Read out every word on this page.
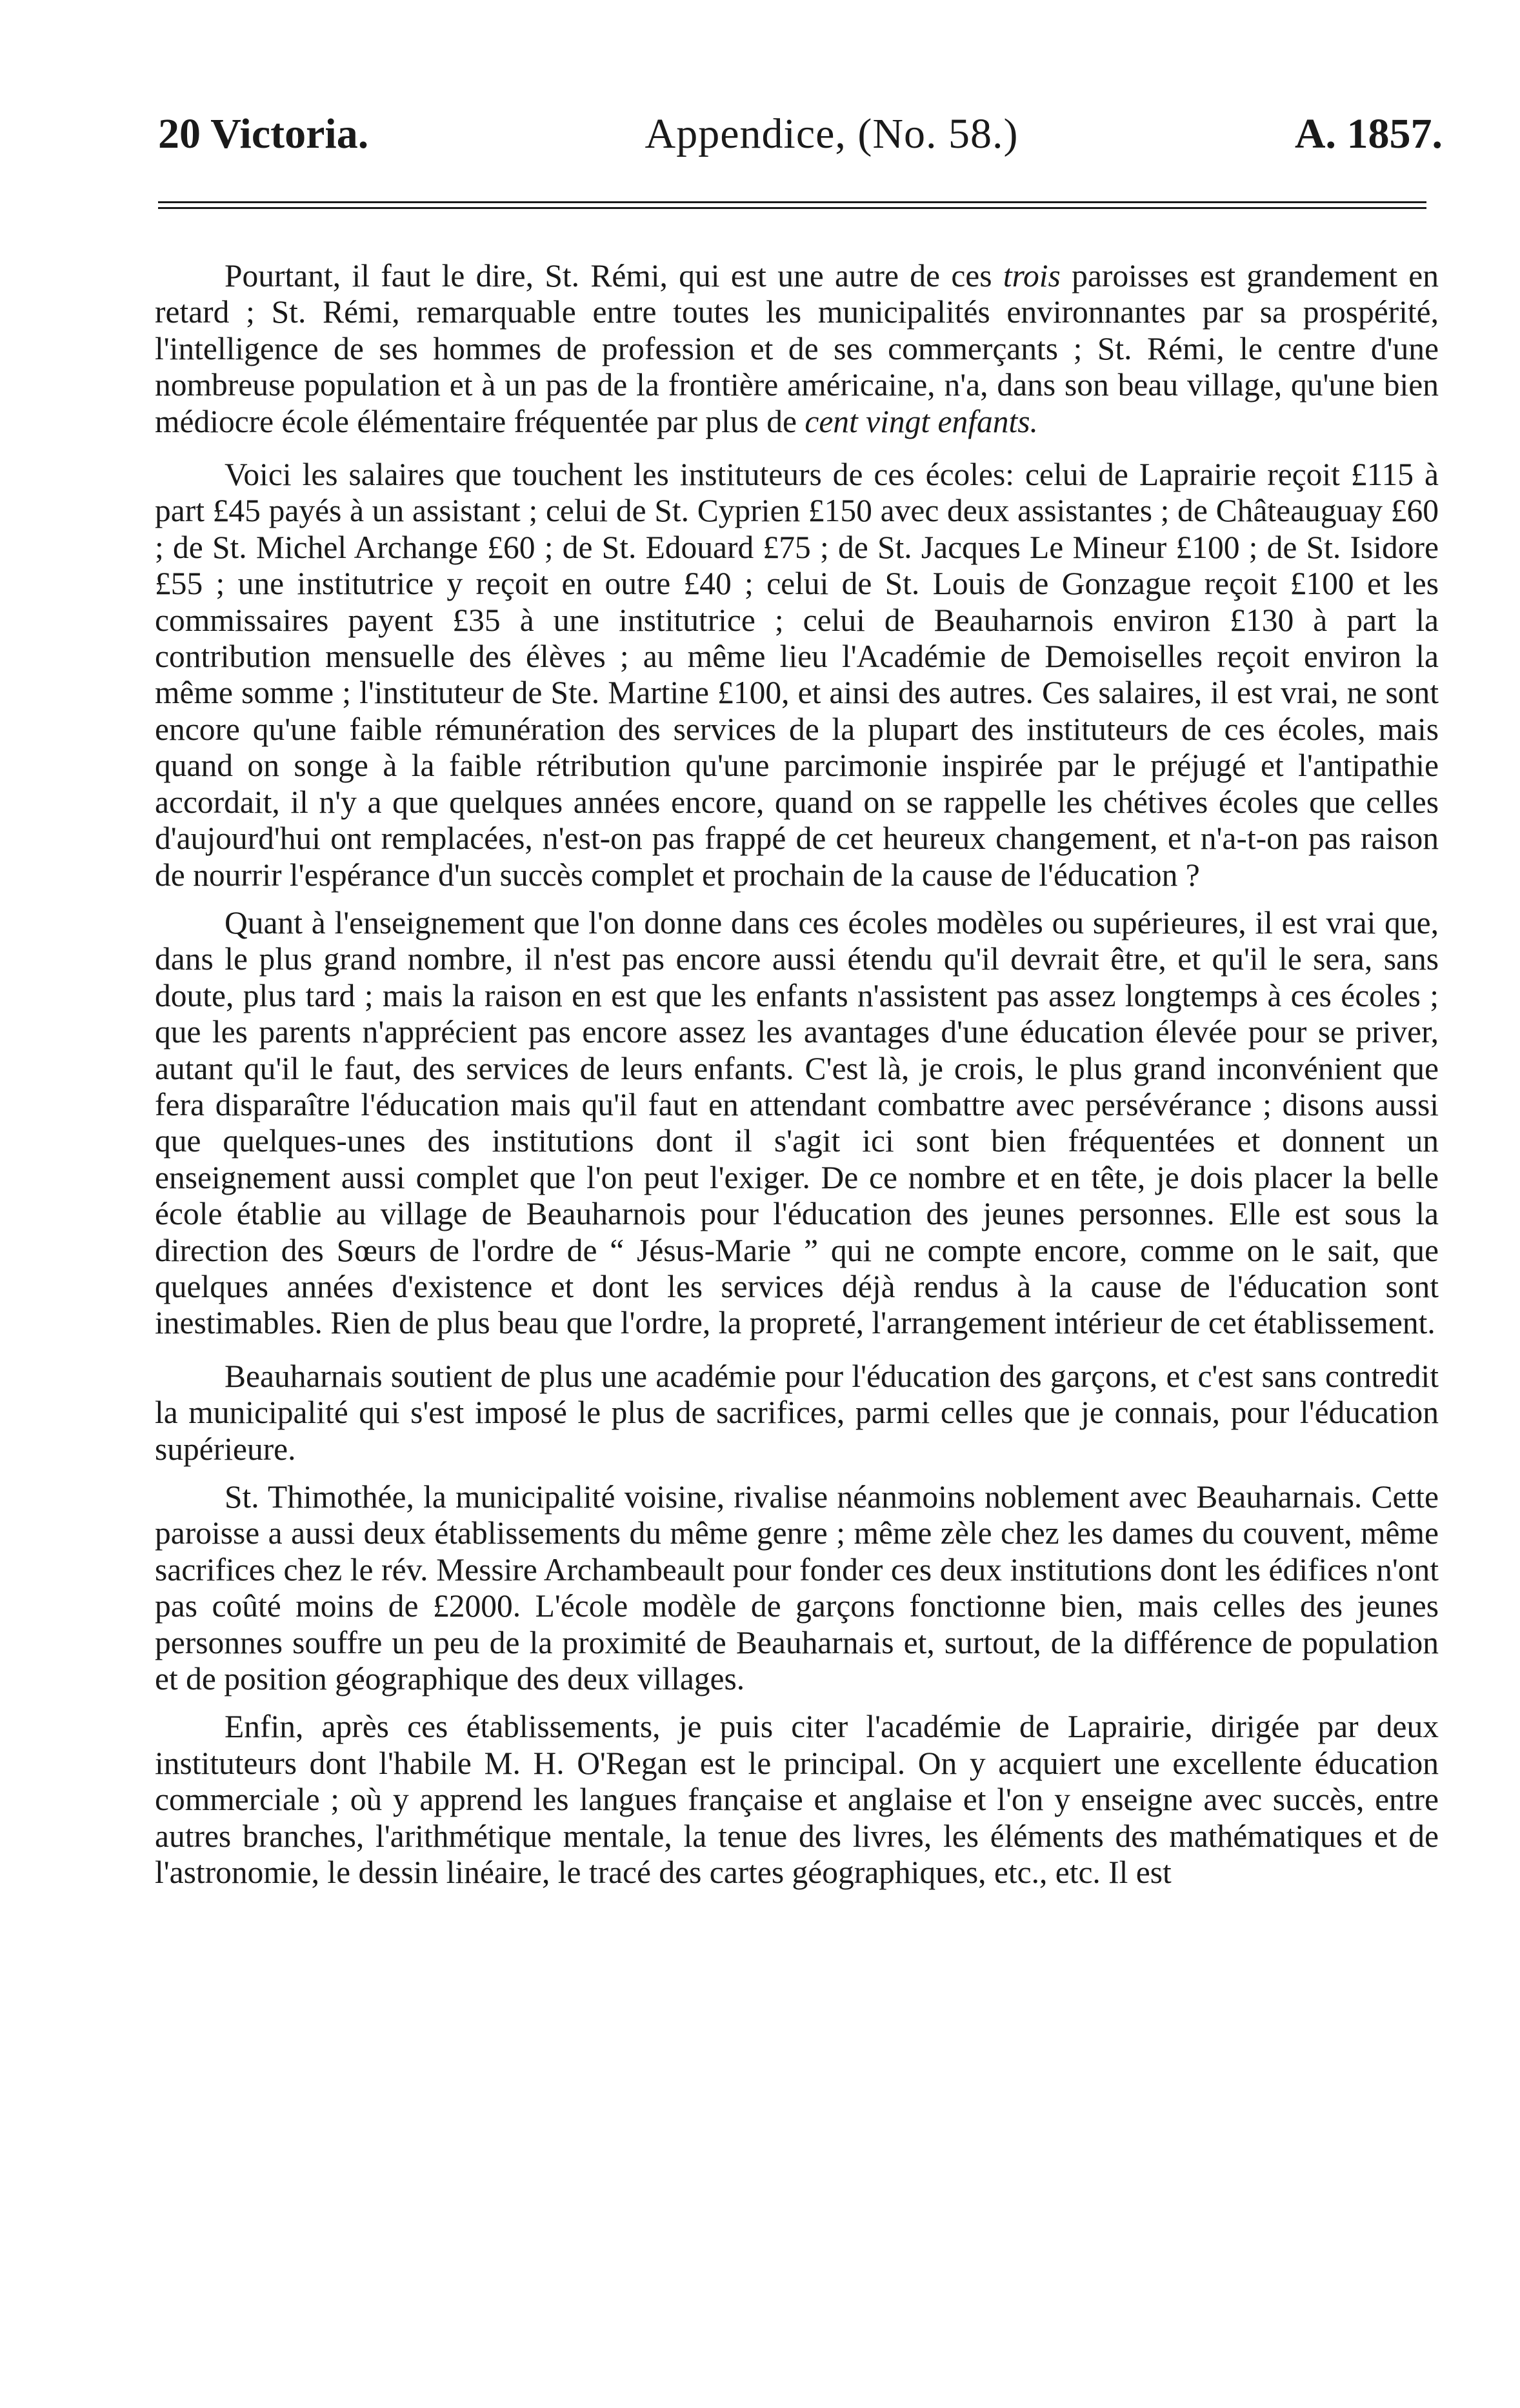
20 Victoria.	Appendice, (No. 58.)	A. 1857.

Pourtant, il faut le dire, St. Rémi, qui est une autre de ces trois paroisses est grandement en retard ; St. Rémi, remarquable entre toutes les municipalités environnantes par sa prospérité, l'intelligence de ses hommes de profession et de ses commerçants ; St. Rémi, le centre d'une nombreuse population et à un pas de la frontière américaine, n'a, dans son beau village, qu'une bien médiocre école élémentaire fréquentée par plus de cent vingt enfants.

Voici les salaires que touchent les instituteurs de ces écoles: celui de Laprairie reçoit £115 à part £45 payés à un assistant ; celui de St. Cyprien £150 avec deux assistantes ; de Châteauguay £60 ; de St. Michel Archange £60 ; de St. Edouard £75 ; de St. Jacques Le Mineur £100 ; de St. Isidore £55 ; une institutrice y reçoit en outre £40 ; celui de St. Louis de Gonzague reçoit £100 et les commissaires payent £35 à une institutrice ; celui de Beauharnois environ £130 à part la contribution mensuelle des élèves ; au même lieu l'Académie de Demoiselles reçoit environ la même somme ; l'instituteur de Ste. Martine £100, et ainsi des autres. Ces salaires, il est vrai, ne sont encore qu'une faible rémunération des services de la plupart des instituteurs de ces écoles, mais quand on songe à la faible rétribution qu'une parcimonie inspirée par le préjugé et l'antipathie accordait, il n'y a que quelques années encore, quand on se rappelle les chétives écoles que celles d'aujourd'hui ont remplacées, n'est-on pas frappé de cet heureux changement, et n'a-t-on pas raison de nourrir l'espérance d'un succès complet et prochain de la cause de l'éducation ?

Quant à l'enseignement que l'on donne dans ces écoles modèles ou supérieures, il est vrai que, dans le plus grand nombre, il n'est pas encore aussi étendu qu'il devrait être, et qu'il le sera, sans doute, plus tard ; mais la raison en est que les enfants n'assistent pas assez longtemps à ces écoles ; que les parents n'apprécient pas encore assez les avantages d'une éducation élevée pour se priver, autant qu'il le faut, des services de leurs enfants. C'est là, je crois, le plus grand inconvénient que fera disparaître l'éducation mais qu'il faut en attendant combattre avec persévérance ; disons aussi que quelques-unes des institutions dont il s'agit ici sont bien fréquentées et donnent un enseignement aussi complet que l'on peut l'exiger. De ce nombre et en tête, je dois placer la belle école établie au village de Beauharnois pour l'éducation des jeunes personnes. Elle est sous la direction des Sœurs de l'ordre de “ Jésus-Marie ” qui ne compte encore, comme on le sait, que quelques années d'existence et dont les services déjà rendus à la cause de l'éducation sont inestimables. Rien de plus beau que l'ordre, la propreté, l'arrangement intérieur de cet établissement.

Beauharnais soutient de plus une académie pour l'éducation des garçons, et c'est sans contredit la municipalité qui s'est imposé le plus de sacrifices, parmi celles que je connais, pour l'éducation supérieure.

St. Thimothée, la municipalité voisine, rivalise néanmoins noblement avec Beauharnais. Cette paroisse a aussi deux établissements du même genre ; même zèle chez les dames du couvent, même sacrifices chez le rév. Messire Archambeault pour fonder ces deux institutions dont les édifices n'ont pas coûté moins de £2000. L'école modèle de garçons fonctionne bien, mais celles des jeunes personnes souffre un peu de la proximité de Beauharnais et, surtout, de la différence de population et de position géographique des deux villages.

Enfin, après ces établissements, je puis citer l'académie de Laprairie, dirigée par deux instituteurs dont l'habile M. H. O'Regan est le principal. On y acquiert une excellente éducation commerciale ; où y apprend les langues française et anglaise et l'on y enseigne avec succès, entre autres branches, l'arithmétique mentale, la tenue des livres, les éléments des mathématiques et de l'astronomie, le dessin linéaire, le tracé des cartes géographiques, etc., etc. Il est
